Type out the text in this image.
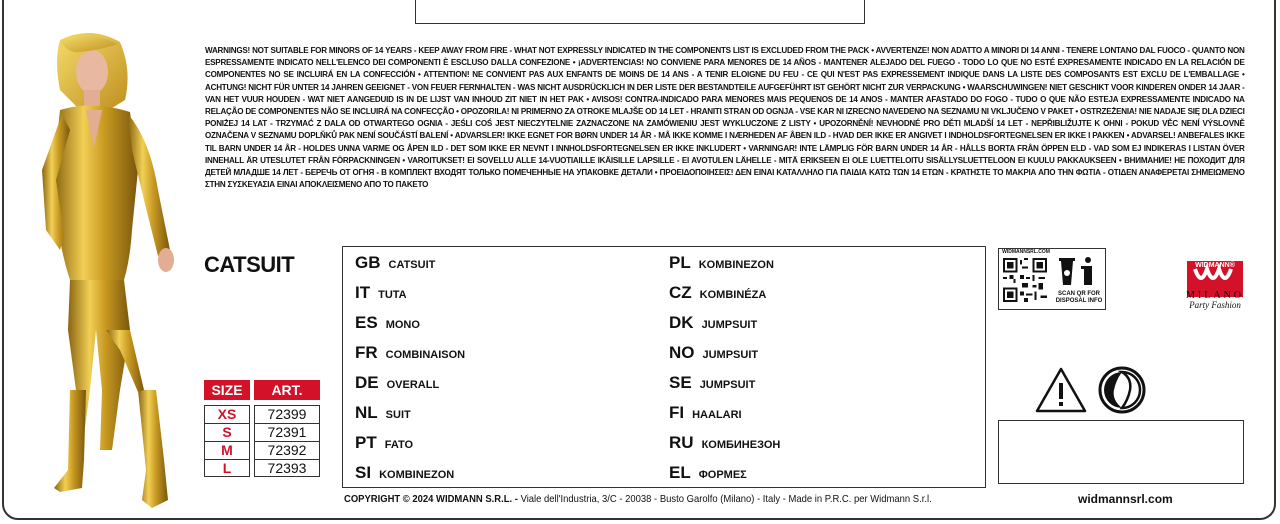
WARNINGS! NOT SUITABLE FOR MINORS OF 14 YEARS - KEEP AWAY FROM FIRE - WHAT NOT EXPRESSLY INDICATED IN THE COMPONENTS LIST IS EXCLUDED FROM THE PACK • AVVERTENZE! NON ADATTO A MINORI DI 14 ANNI - TENERE LONTANO DAL FUOCO - QUANTO NON ESPRESSAMENTE INDICATO NELL'ELENCO DEI COMPONENTI È ESCLUSO DALLA CONFEZIONE • ¡ADVERTENCIAS! NO CONVIENE PARA MENORES DE 14 AÑOS - MANTENER ALEJADO DEL FUEGO - TODO LO QUE NO ESTÉ EXPRESAMENTE INDICADO EN LA RELACIÓN DE COMPONENTES NO SE INCLUIRÁ EN LA CONFECCIÓN • ATTENTION! NE CONVIENT PAS AUX ENFANTS DE MOINS DE 14 ANS - A TENIR ELOIGNE DU FEU - CE QUI N'EST PAS EXPRESSEMENT INDIQUE DANS LA LISTE DES COMPOSANTS EST EXCLU DE L'EMBALLAGE • ACHTUNG! NICHT FÜR UNTER 14 JAHREN GEEIGNET - VON FEUER FERNHALTEN - WAS NICHT AUSDRÜCKLICH IN DER LISTE DER BESTANDTEILE AUFGEFÜHRT IST GEHÖRT NICHT ZUR VERPACKUNG • WAARSCHUWINGEN! NIET GESCHIKT VOOR KINDEREN ONDER 14 JAAR - VAN HET VUUR HOUDEN - WAT NIET AANGEDUID IS IN DE LIJST VAN INHOUD ZIT NIET IN HET PAK • AVISOS! CONTRA-INDICADO PARA MENORES MAIS PEQUENOS DE 14 ANOS - MANTER AFASTADO DO FOGO - TUDO O QUE NÃO ESTEJA EXPRESSAMENTE INDICADO NA RELAÇÃO DE COMPONENTES NÃO SE INCLUIRÁ NA CONFECÇÃO • OPOZORILA! NI PRIMERNO ZA OTROKE MLAJŠE OD 14 LET - HRANITI STRAN OD OGNJA - VSE KAR NI IZRECNO NAVEDENO NA SEZNAMU NI VKLJUČENO V PAKET • OSTRZEŻENIA! NIE NADAJE SIĘ DLA DZIECI PONIŻEJ 14 LAT - TRZYMAĆ Z DALA OD OTWARTEGO OGNIA - JEŚLI COŚ JEST NIECZYTELNIE ZAZNACZONE NA ZAMÓWIENIU JEST WYKLUCZONE Z LISTY • UPOZORNĚNÍ! NEVHODNÉ PRO DĚTI MLADŠÍ 14 LET - NEPŘIBLIŽUJTE K OHNI - POKUD VĚC NENÍ VÝSLOVNĚ OZNAČENA V SEZNAMU DOPLŇKŮ PAK NENÍ SOUČÁSTÍ BALENÍ • ADVARSLER! IKKE EGNET FOR BØRN UNDER 14 ÅR - MÅ IKKE KOMME I NÆRHEDEN AF ÅBEN ILD - HVAD DER IKKE ER ANGIVET I INDHOLDSFORTEGNELSEN ER IKKE I PAKKEN • ADVARSEL! ANBEFALES IKKE TIL BARN UNDER 14 ÅR - HOLDES UNNA VARME OG ÅPEN ILD - DET SOM IKKE ER NEVNT I INNHOLDSFORTEGNELSEN ER IKKE INKLUDERT • VARNINGAR! INTE LÄMPLIG FÖR BARN UNDER 14 ÅR - HÅLLS BORTA FRÅN ÖPPEN ELD - VAD SOM EJ INDIKERAS I LISTAN ÖVER INNEHALL ÄR UTESLUTET FRÅN FÖRPACKNINGEN • VAROITUKSET! EI SOVELLU ALLE 14-VUOTIAILLE IKÄISILLE LAPSILLE - EI AVOTULEN LÄHELLE - MITÄ ERIKSEEN EI OLE LUETTELOITU SISÄLLYSLUETTELOON EI KUULU PAKKAUKSEEN • ВНИМАНИЕ! НЕ ПОХОДИТ ДЛЯ ДЕТЕЙ МЛАДШЕ 14 ЛЕТ - БЕРЕЧЬ ОТ ОГНЯ - В КОМПЛЕКТ ВХОДЯТ ТОЛЬКО ПОМЕЧЕННЫЕ НА УПАКОВКЕ ДЕТАЛИ • ΠΡΟΕΙΔΟΠΟΙΗΣΕΙΣ! ΔΕΝ ΕΙΝΑΙ ΚΑΤΑΛΛΗΛΟ ΓΙΑ ΠΑΙΔΙΑ ΚΑΤΩ ΤΩΝ 14 ΕΤΩΝ - ΚΡΑΤΗΣΤΕ ΤΟ ΜΑΚΡΙΑ ΑΠΟ ΤΗΝ ΦΩΤΙΑ - ΟΤΙΔΕΝ ΑΝΑΦΕΡΕΤΑΙ ΣΗΜΕΙΩΜΕΝΟ ΣΤΗΝ ΣΥΣΚΕΥΑΣΙΑ ΕΙΝΑΙ ΑΠΟΚΛΕΙΣΜΕΝΟ ΑΠΟ ΤΟ ΠΑΚΕΤΟ
CATSUIT
SIZE	ART.
XS	72399
S	72391
M	72392
L	72393
GB CATSUIT
IT TUTA
ES MONO
FR COMBINAISON
DE OVERALL
NL SUIT
PT FATO
SI KOMBINEZON
PL KOMBINEZON
CZ KOMBINÉZA
DK JUMPSUIT
NO JUMPSUIT
SE JUMPSUIT
FI HAALARI
RU КОМБИНЕЗОН
EL ΦΟΡΜΕΣ
WIDMANNSRL.COM
SCAN QR FOR DISPOSAL INFO
WIDMANN®
MILANO
Party Fashion
COPYRIGHT © 2024 WIDMANN S.R.L. - Viale dell'Industria, 3/C - 20038 - Busto Garolfo (Milano) - Italy - Made in P.R.C. per Widmann S.r.l.	widmannsrl.com
